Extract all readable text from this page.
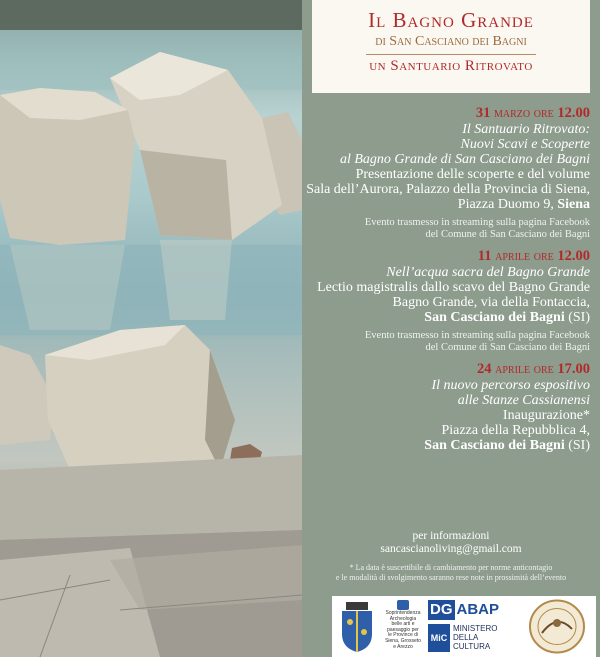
Il Bagno Grande
di San Casciano dei Bagni
un Santuario Ritrovato
31 marzo ore 12.00
Il Santuario Ritrovato:
Nuovi Scavi e Scoperte
al Bagno Grande di San Casciano dei Bagni
Presentazione delle scoperte e del volume
Sala dell’Aurora, Palazzo della Provincia di Siena,
Piazza Duomo 9, Siena
Evento trasmesso in streaming sulla pagina Facebook
del Comune di San Casciano dei Bagni
11 aprile ore 12.00
Nell’acqua sacra del Bagno Grande
Lectio magistralis dallo scavo del Bagno Grande
Bagno Grande, via della Fontaccia,
San Casciano dei Bagni (SI)
Evento trasmesso in streaming sulla pagina Facebook
del Comune di San Casciano dei Bagni
24 aprile ore 17.00
Il nuovo percorso espositivo
alle Stanze Cassianensi
Inaugurazione*
Piazza della Repubblica 4,
San Casciano dei Bagni (SI)
per informazioni
sancascianoliving@gmail.com
* La data è suscettibile di cambiamento per norme anticontagio
e le modalità di svolgimento saranno rese note in prossimità dell’evento
Soprintendenza
Archeologia
belle arti e
paesaggio per
le Province di
Siena, Grosseto
e Arezzo
DG ABAP
MiC
MINISTERO
DELLA
CULTURA
